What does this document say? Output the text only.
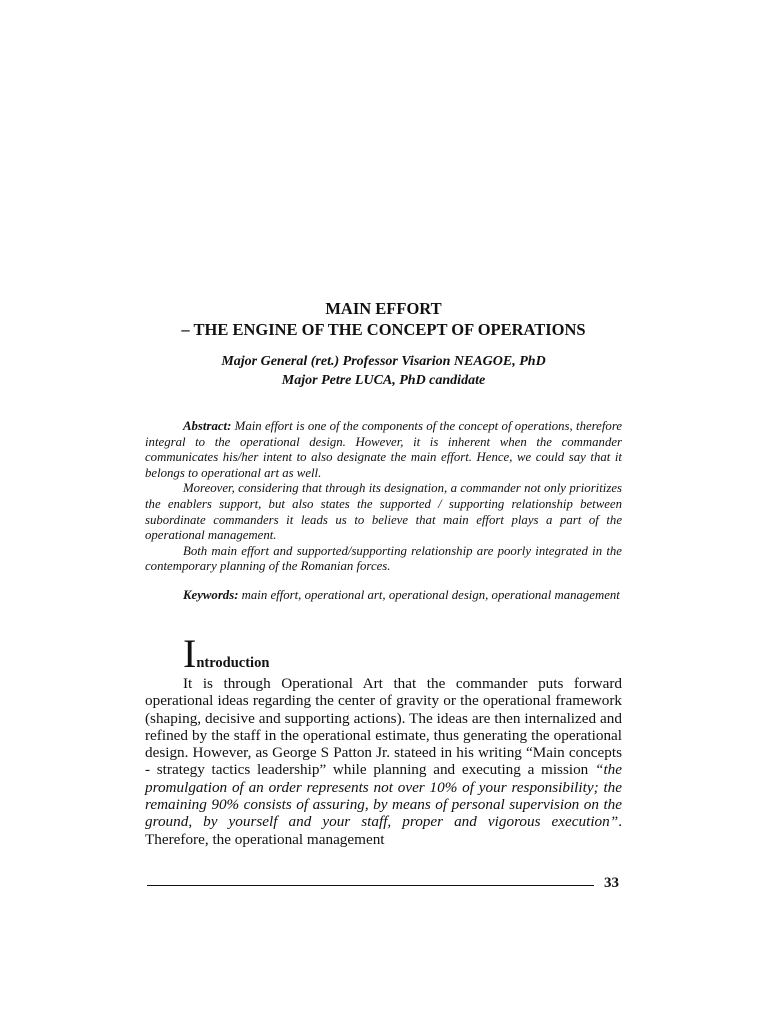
MAIN EFFORT
– THE ENGINE OF THE CONCEPT OF OPERATIONS
Major General (ret.) Professor Visarion NEAGOE, PhD
Major Petre LUCA, PhD candidate

Abstract: Main effort is one of the components of the concept of operations, therefore integral to the operational design. However, it is inherent when the commander communicates his/her intent to also designate the main effort. Hence, we could say that it belongs to operational art as well.

Moreover, considering that through its designation, a commander not only prioritizes the enablers support, but also states the supported / supporting relationship between subordinate commanders it leads us to believe that main effort plays a part of the operational management.

Both main effort and supported/supporting relationship are poorly integrated in the contemporary planning of the Romanian forces.

Keywords: main effort, operational art, operational design, operational management
Introduction

It is through Operational Art that the commander puts forward operational ideas regarding the center of gravity or the operational framework (shaping, decisive and supporting actions). The ideas are then internalized and refined by the staff in the operational estimate, thus generating the operational design. However, as George S Patton Jr. stateed in his writing “Main concepts - strategy tactics leadership” while planning and executing a mission “the promulgation of an order represents not over 10% of your responsibility; the remaining 90% consists of assuring, by means of personal supervision on the ground, by yourself and your staff, proper and vigorous execution”. Therefore, the operational management

33
